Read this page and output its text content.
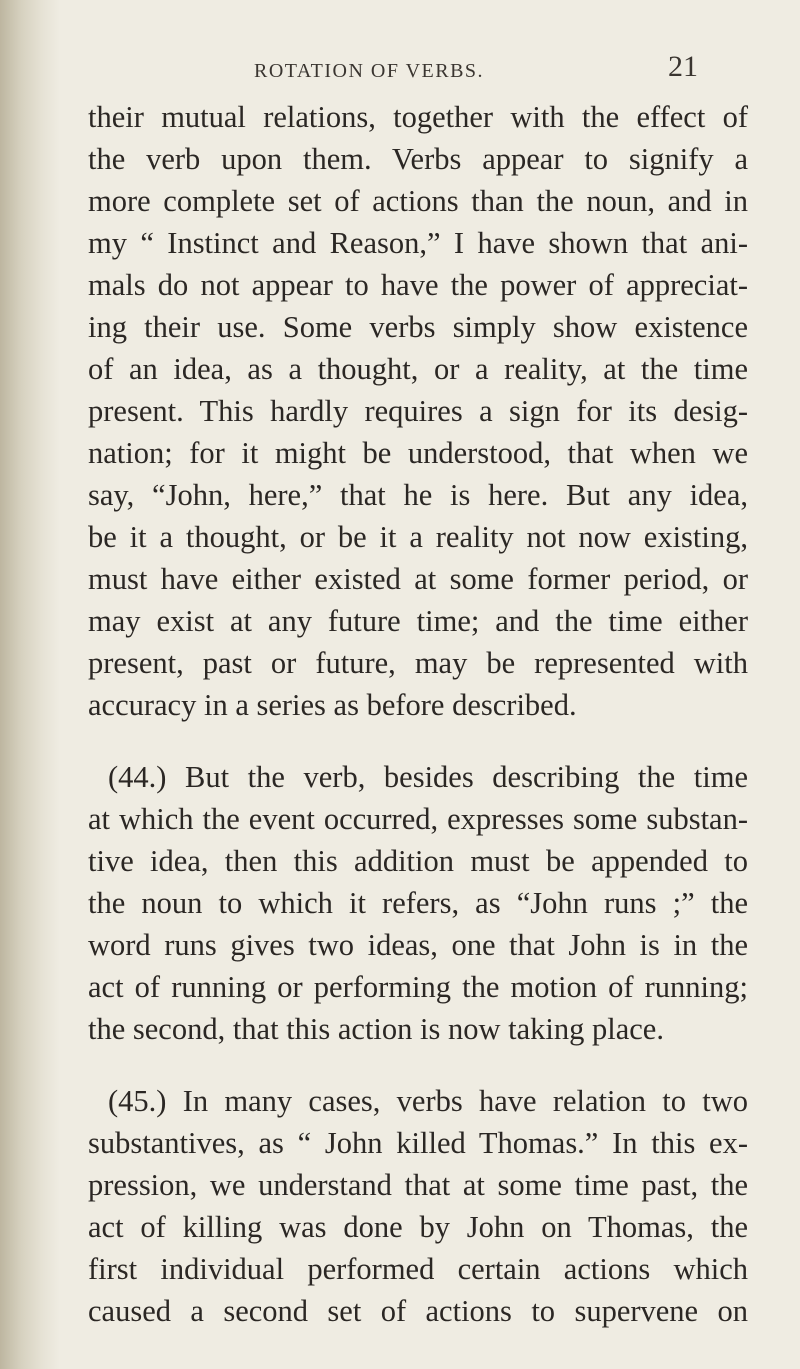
ROTATION OF VERBS.	21
their mutual relations, together with the effect of
the verb upon them. Verbs appear to signify a
more complete set of actions than the noun, and in
my “ Instinct and Reason,” I have shown that ani-
mals do not appear to have the power of appreciat-
ing their use. Some verbs simply show existence
of an idea, as a thought, or a reality, at the time
present. This hardly requires a sign for its desig-
nation; for it might be understood, that when we
say, “John, here,” that he is here. But any idea,
be it a thought, or be it a reality not now existing,
must have either existed at some former period, or
may exist at any future time; and the time either
present, past or future, may be represented with
accuracy in a series as before described.
(44.) But the verb, besides describing the time
at which the event occurred, expresses some substan-
tive idea, then this addition must be appended to
the noun to which it refers, as “John runs ;” the
word runs gives two ideas, one that John is in the
act of running or performing the motion of running;
the second, that this action is now taking place.
(45.) In many cases, verbs have relation to two
substantives, as “ John killed Thomas.” In this ex-
pression, we understand that at some time past, the
act of killing was done by John on Thomas, the
first individual performed certain actions which
caused a second set of actions to supervene on
